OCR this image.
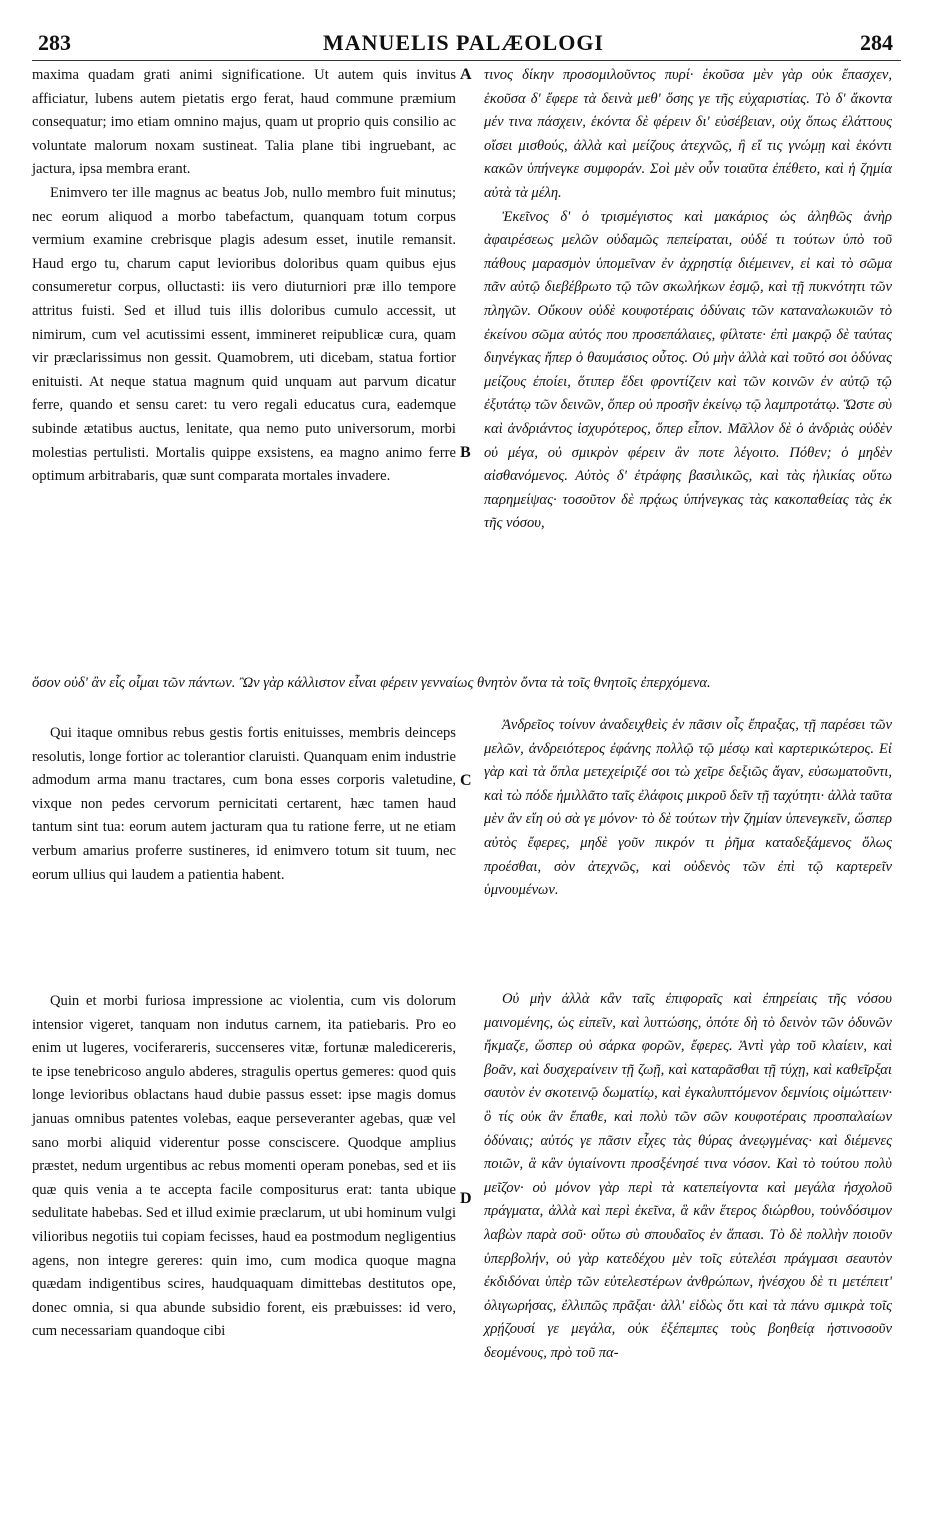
283	MANUELIS PALÆOLOGI	284
A
B
C
D

maxima quadam grati animi significatione. Ut autem quis invitus afficiatur, lubens autem pietatis ergo ferat, haud commune præmium consequatur; imo etiam omnino majus, quam ut proprio quis consilio ac voluntate malorum noxam sustineat. Talia plane tibi ingruebant, ac jactura, ipsa membra erant.

Enimvero ter ille magnus ac beatus Job, nullo membro fuit minutus; nec eorum aliquod a morbo tabefactum, quanquam totum corpus vermium examine crebrisque plagis adesum esset, inutile remansit. Haud ergo tu, charum caput levioribus doloribus quam quibus ejus consumeretur corpus, olluctasti: iis vero diuturniori præ illo tempore attritus fuisti. Sed et illud tuis illis doloribus cumulo accessit, ut nimirum, cum vel acutissimi essent, immineret reipublicæ cura, quam vir præclarissimus non gessit. Quamobrem, uti dicebam, statua fortior enituisti. At neque statua magnum quid unquam aut parvum dicatur ferre, quando et sensu caret: tu vero regali educatus cura, eademque subinde ætatibus auctus, lenitate, qua nemo puto universorum, morbi molestias pertulisti. Mortalis quippe exsistens, ea magno animo ferre optimum arbitrabaris, quæ sunt comparata mortales invadere.

τινος δίκην προσομιλοῦντος πυρί· ἑκοῦσα μὲν γὰρ οὐκ ἔπασχεν, ἑκοῦσα δ' ἔφερε τὰ δεινὰ μεθ' ὅσης γε τῆς εὐχαριστίας. Τὸ δ' ἄκοντα μέν τινα πάσχειν, ἑκόντα δὲ φέρειν δι' εὐσέβειαν, οὐχ ὅπως ἐλάττους οἴσει μισθούς, ἀλλὰ καὶ μείζους ἀτεχνῶς, ἢ εἴ τις γνώμῃ καὶ ἑκόντι κακῶν ὑπήνεγκε συμφοράν. Σοὶ μὲν οὖν τοιαῦτα ἐπέθετο, καὶ ἡ ζημία αὐτὰ τὰ μέλη.

Ἐκεῖνος δ' ὁ τρισμέγιστος καὶ μακάριος ὡς ἀληθῶς ἀνὴρ ἀφαιρέσεως μελῶν οὐδαμῶς πεπείραται, οὐδέ τι τούτων ὑπὸ τοῦ πάθους μαρασμὸν ὑπομεῖναν ἐν ἀχρηστίᾳ διέμεινεν, εἰ καὶ τὸ σῶμα πᾶν αὐτῷ διεβέβρωτο τῷ τῶν σκωλήκων ἑσμῷ, καὶ τῇ πυκνότητι τῶν πληγῶν. Οὔκουν οὐδὲ κουφοτέραις ὀδύναις τῶν καταναλωκυιῶν τὸ ἐκείνου σῶμα αὐτός που προσεπάλαιες, φίλτατε· ἐπὶ μακρῷ δὲ ταύτας διηνέγκας ἤπερ ὁ θαυμάσιος οὗτος. Οὐ μὴν ἀλλὰ καὶ τοῦτό σοι ὀδύνας μείζους ἐποίει, ὅτιπερ ἔδει φροντίζειν καὶ τῶν κοινῶν ἐν αὐτῷ τῷ ἐξυτάτῳ τῶν δεινῶν, ὅπερ οὐ προσῆν ἐκείνῳ τῷ λαμπροτάτῳ. Ὥστε σὺ καὶ ἀνδριάντος ἰσχυρότερος, ὅπερ εἶπον. Μᾶλλον δὲ ὁ ἀνδριὰς οὐδὲν οὐ μέγα, οὐ σμικρὸν φέρειν ἂν ποτε λέγοιτο. Πόθεν; ὁ μηδὲν αἰσθανόμενος. Αὐτὸς δ' ἐτράφης βασιλικῶς, καὶ τὰς ἡλικίας οὕτω παρημείψας· τοσοῦτον δὲ πρᾴως ὑπήνεγκας τὰς κακοπαθείας τὰς ἐκ τῆς νόσου,

ὅσον οὐδ' ἂν εἷς οἶμαι τῶν πάντων. Ὢν γὰρ κάλλιστον εἶναι φέρειν γενναίως θνητὸν ὄντα τὰ τοῖς θνητοῖς ἐπερχόμενα.

Qui itaque omnibus rebus gestis fortis enituisses, membris deinceps resolutis, longe fortior ac tolerantior claruisti. Quanquam enim industrie admodum arma manu tractares, cum bona esses corporis valetudine, vixque non pedes cervorum pernicitati certarent, hæc tamen haud tantum sint tua: eorum autem jacturam qua tu ratione ferre, ut ne etiam verbum amarius proferre sustineres, id enimvero totum sit tuum, nec eorum ullius qui laudem a patientia habent.

Ἀνδρεῖος τοίνυν ἀναδειχθεὶς ἐν πᾶσιν οἷς ἔπραξας, τῇ παρέσει τῶν μελῶν, ἀνδρειότερος ἐφάνης πολλῷ τῷ μέσῳ καὶ καρτερικώτερος. Εἰ γὰρ καὶ τὰ ὅπλα μετεχείριζέ σοι τὼ χεῖρε δεξιῶς ἄγαν, εὐσωματοῦντι, καὶ τὼ πόδε ἡμιλλᾶτο ταῖς ἐλάφοις μικροῦ δεῖν τῇ ταχύτητι· ἀλλὰ ταῦτα μὲν ἂν εἴη οὐ σὰ γε μόνον· τὸ δὲ τούτων τὴν ζημίαν ὑπενεγκεῖν, ὥσπερ αὐτὸς ἔφερες, μηδὲ γοῦν πικρόν τι ῥῆμα καταδεξάμενος ὅλως προέσθαι, σὸν ἀτεχνῶς, καὶ οὐδενὸς τῶν ἐπὶ τῷ καρτερεῖν ὑμνουμένων.

Quin et morbi furiosa impressione ac violentia, cum vis dolorum intensior vigeret, tanquam non indutus carnem, ita patiebaris. Pro eo enim ut lugeres, vociferareris, succenseres vitæ, fortunæ maledicereris, te ipse tenebricoso angulo abderes, stragulis opertus gemeres: quod quis longe levioribus oblactans haud dubie passus esset: ipse magis domus januas omnibus patentes volebas, eaque perseveranter agebas, quæ vel sano morbi aliquid viderentur posse consciscere. Quodque amplius præstet, nedum urgentibus ac rebus momenti operam ponebas, sed et iis quæ quis venia a te accepta facile compositurus erat: tanta ubique sedulitate habebas. Sed et illud eximie præclarum, ut ubi hominum vulgi vilioribus negotiis tui copiam fecisses, haud ea postmodum negligentius agens, non integre gereres: quin imo, cum modica quoque magna quædam indigentibus scires, haudquaquam dimittebas destitutos ope, donec omnia, si qua abunde subsidio forent, eis præbuisses: id vero, cum necessariam quandoque cibi

Οὐ μὴν ἀλλὰ κἂν ταῖς ἐπιφοραῖς καὶ ἐπηρείαις τῆς νόσου μαινομένης, ὡς εἰπεῖν, καὶ λυττώσης, ὁπότε δὴ τὸ δεινὸν τῶν ὀδυνῶν ἤκμαζε, ὥσπερ οὐ σάρκα φορῶν, ἔφερες. Ἀντὶ γὰρ τοῦ κλαίειν, καὶ βοᾶν, καὶ δυσχεραίνειν τῇ ζωῇ, καὶ καταρᾶσθαι τῇ τύχῃ, καὶ καθεῖρξαι σαυτὸν ἐν σκοτεινῷ δωματίῳ, καὶ ἐγκαλυπτόμενον δεμνίοις οἰμώττειν· ὃ τίς οὐκ ἂν ἔπαθε, καὶ πολὺ τῶν σῶν κουφοτέραις προσπαλαίων ὀδύναις; αὐτός γε πᾶσιν εἶχες τὰς θύρας ἀνεῳγμένας· καὶ διέμενες ποιῶν, ἃ κἂν ὑγιαίνοντι προσξένησέ τινα νόσον. Καὶ τὸ τούτου πολὺ μεῖζον· οὐ μόνον γὰρ περὶ τὰ κατεπείγοντα καὶ μεγάλα ἠσχολοῦ πράγματα, ἀλλὰ καὶ περὶ ἐκεῖνα, ἃ κἂν ἕτερος διώρθου, τοὐνδόσιμον λαβὼν παρὰ σοῦ· οὕτω σὺ σπουδαῖος ἐν ἅπασι. Τὸ δὲ πολλὴν ποιοῦν ὑπερβολήν, οὐ γὰρ κατεδέχου μὲν τοῖς εὐτελέσι πράγμασι σεαυτὸν ἐκδιδόναι ὑπὲρ τῶν εὐτελεστέρων ἀνθρώπων, ἠνέσχου δὲ τι μετέπειτ' ὀλιγωρήσας, ἐλλιπῶς πρᾶξαι· ἀλλ' εἰδὼς ὅτι καὶ τὰ πάνυ σμικρὰ τοῖς χρῄζουσί γε μεγάλα, οὐκ ἐξέπεμπες τοὺς βοηθείᾳ ἡστινοσοῦν δεομένους, πρὸ τοῦ πα-
